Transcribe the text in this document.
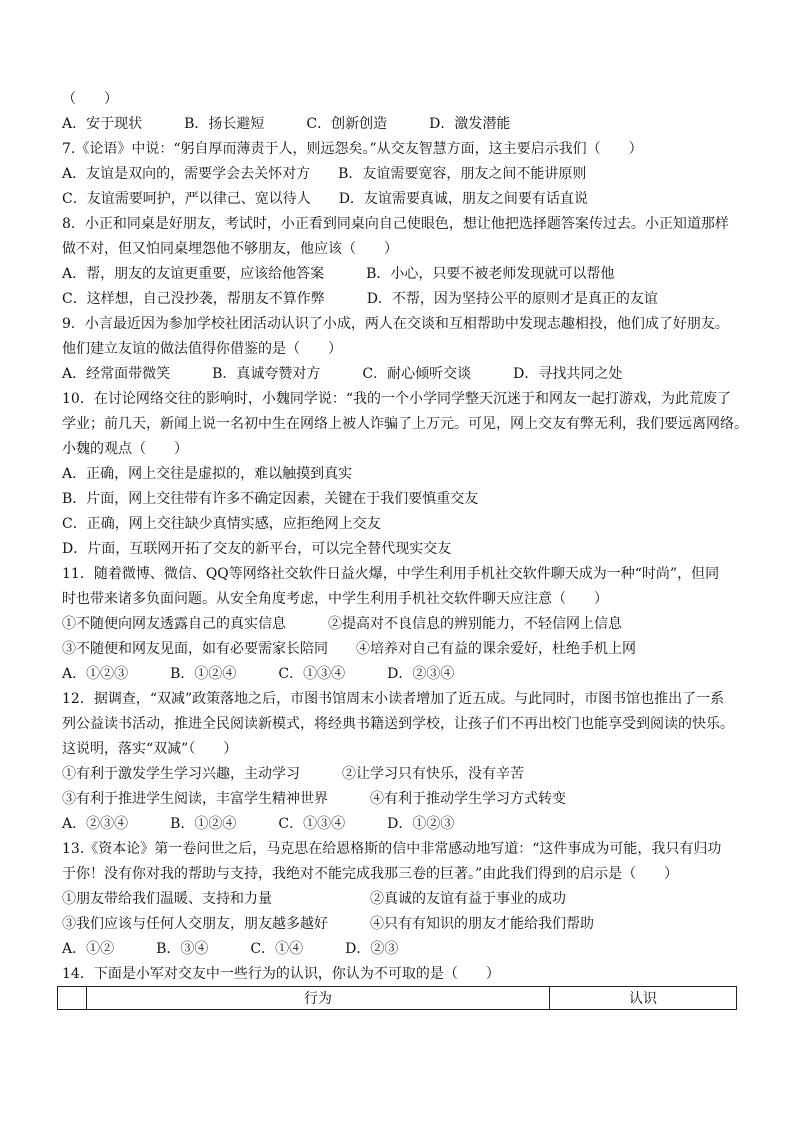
（　　）
A．安于现状　　　B．扬长避短　　　C．创新创造　　　D．激发潜能
7.《论语》中说：“躬自厚而薄责于人，则远怨矣。”从交友智慧方面，这主要启示我们（　　）
A．友谊是双向的，需要学会去关怀对方　　B．友谊需要宽容，朋友之间不能讲原则
C．友谊需要呵护，严以律己、宽以待人　　D．友谊需要真诚，朋友之间要有话直说
8．小正和同桌是好朋友，考试时，小正看到同桌向自己使眼色，想让他把选择题答案传过去。小正知道那样
做不对，但又怕同桌埋怨他不够朋友，他应该（　　）
A．帮，朋友的友谊更重要，应该给他答案　　　B．小心，只要不被老师发现就可以帮他
C．这样想，自己没抄袭，帮朋友不算作弊　　　D．不帮，因为坚持公平的原则才是真正的友谊
9．小言最近因为参加学校社团活动认识了小成，两人在交谈和互相帮助中发现志趣相投，他们成了好朋友。
他们建立友谊的做法值得你借鉴的是（　　）
A．经常面带微笑　　　B．真诚夸赞对方　　　C．耐心倾听交谈　　　D．寻找共同之处
10．在讨论网络交往的影响时，小魏同学说：“我的一个小学同学整天沉迷于和网友一起打游戏，为此荒废了
学业；前几天，新闻上说一名初中生在网络上被人诈骗了上万元。可见，网上交友有弊无利，我们要远离网络。
小魏的观点（　　）
A．正确，网上交往是虚拟的，难以触摸到真实
B．片面，网上交往带有许多不确定因素，关键在于我们要慎重交友
C．正确，网上交往缺少真情实感，应拒绝网上交友
D．片面，互联网开拓了交友的新平台，可以完全替代现实交友
11．随着微博、微信、QQ等网络社交软件日益火爆，中学生利用手机社交软件聊天成为一种“时尚”，但同
时也带来诸多负面问题。从安全角度考虑，中学生利用手机社交软件聊天应注意（　　）
①不随便向网友透露自己的真实信息　　　②提高对不良信息的辨别能力，不轻信网上信息
③不随便和网友见面，如有必要需家长陪同　　④培养对自己有益的课余爱好，杜绝手机上网
A．①②③　　　B．①②④　　　C．①③④　　　D．②③④
12．据调查，“双减”政策落地之后，市图书馆周末小读者增加了近五成。与此同时，市图书馆也推出了一系
列公益读书活动，推进全民阅读新模式，将经典书籍送到学校，让孩子们不再出校门也能享受到阅读的快乐。
这说明，落实“双减”（　　）
①有利于激发学生学习兴趣，主动学习　　　②让学习只有快乐，没有辛苦
③有利于推进学生阅读，丰富学生精神世界　　　④有利于推动学生学习方式转变
A．②③④　　　B．①②④　　　C．①③④　　　D．①②③
13.《资本论》第一卷问世之后，马克思在给恩格斯的信中非常感动地写道：“这件事成为可能，我只有归功
于你！没有你对我的帮助与支持，我绝对不能完成我那三卷的巨著。”由此我们得到的启示是（　　）
①朋友带给我们温暖、支持和力量　　　　　　　②真诚的友谊有益于事业的成功
③我们应该与任何人交朋友，朋友越多越好　　　④只有有知识的朋友才能给我们帮助
A．①②　　　B．③④　　　C．①④　　　D．②③
14．下面是小军对交友中一些行为的认识，你认为不可取的是（　　）
	行为	认识
